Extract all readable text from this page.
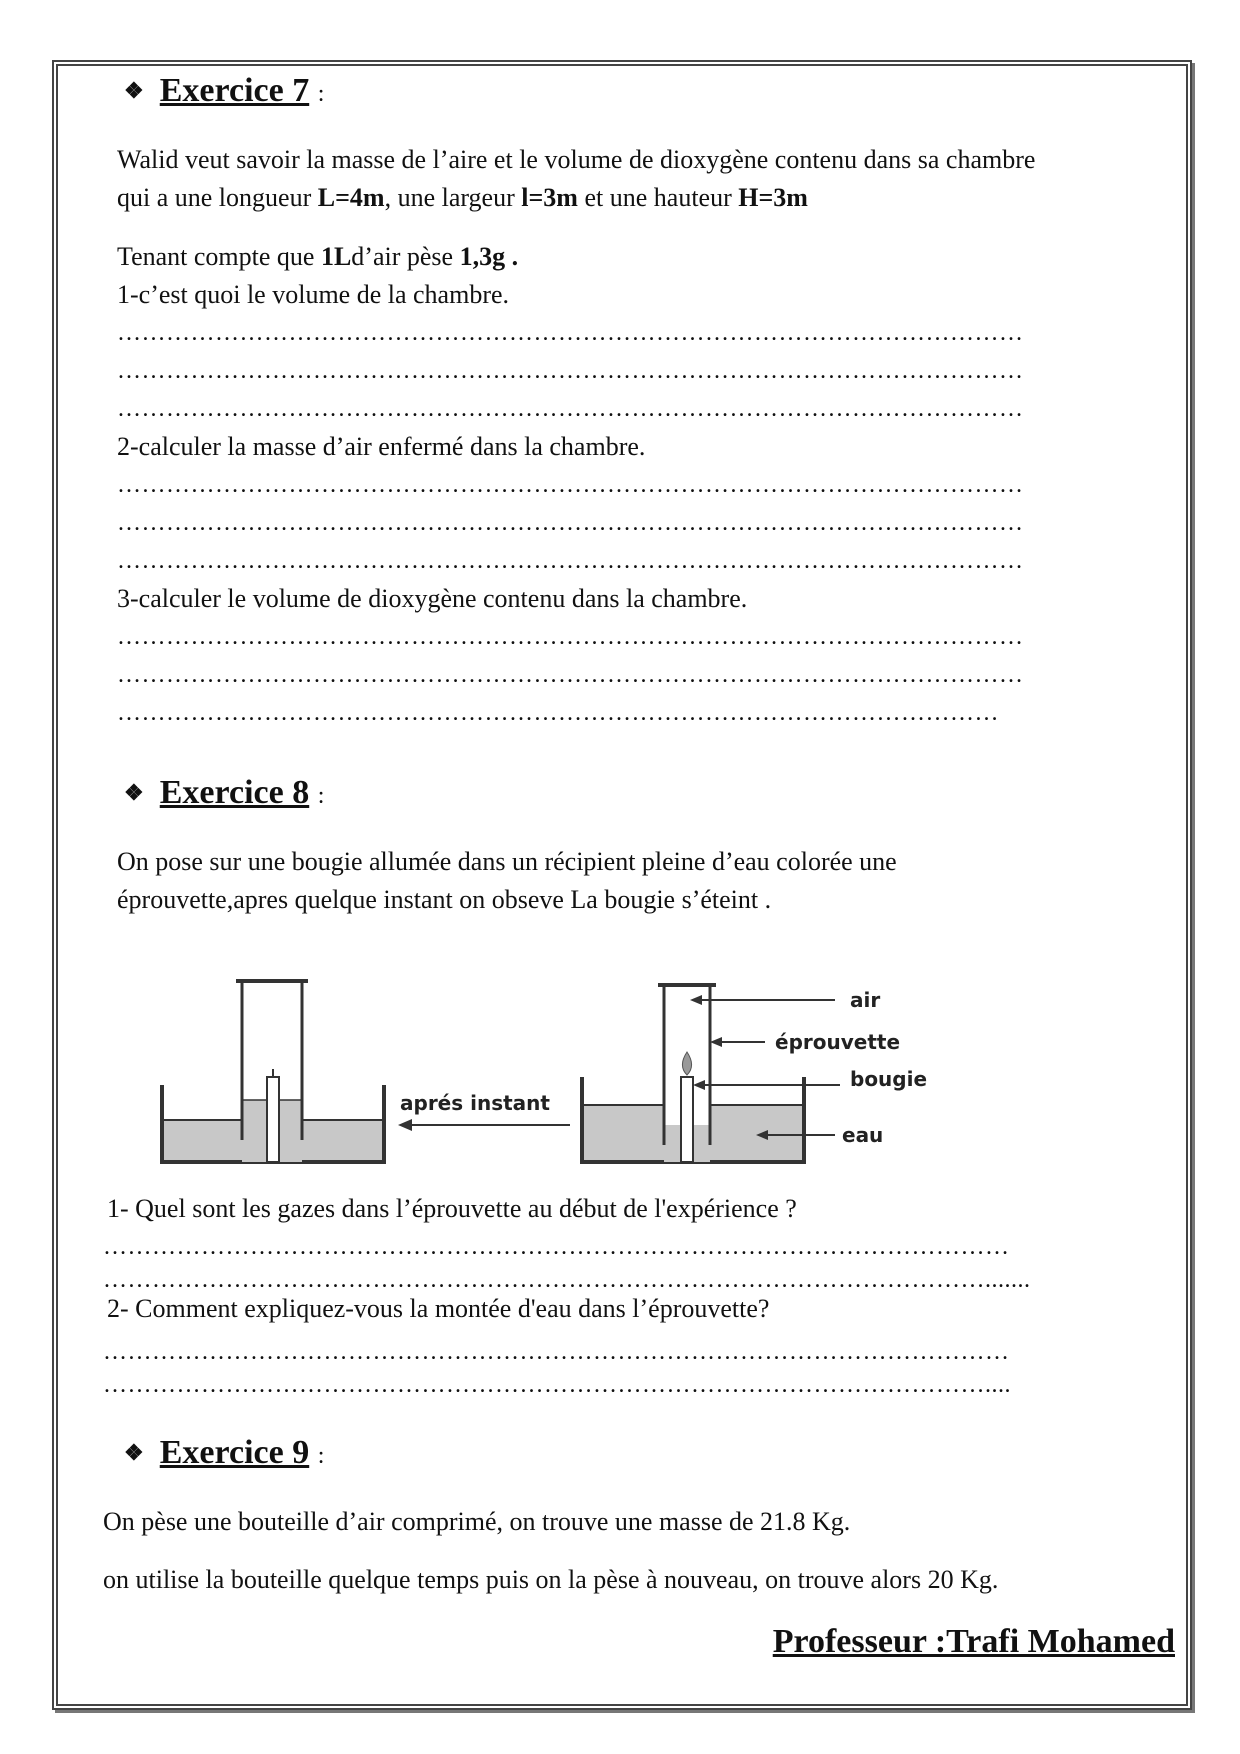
❖ Exercice 7 :
Walid veut savoir la masse de l’aire et le volume de dioxygène contenu dans sa chambre
qui a une longueur L=4m, une largeur l=3m et une hauteur H=3m
Tenant compte que 1Ld’air pèse 1,3g .
1-c’est quoi le volume de la chambre.
…………………………………………………………………………………………………
…………………………………………………………………………………………………
…………………………………………………………………………………………………
2-calculer la masse d’air enfermé dans la chambre.
…………………………………………………………………………………………………
…………………………………………………………………………………………………
…………………………………………………………………………………………………
3-calculer le volume de dioxygène contenu dans la chambre.
…………………………………………………………………………………………………
…………………………………………………………………………………………………
………………………………………………………………………………………………
❖ Exercice 8 :
On pose sur une bougie allumée dans un récipient pleine d’eau colorée une
éprouvette,apres quelque instant on obseve La bougie s’éteint .
aprés instant
air
éprouvette
bougie
eau
1- Quel sont les gazes dans l’éprouvette au début de l'expérience ?
…………………………………………………………………………………………………
……………………………………………………………………………………………….......
2- Comment expliquez-vous la montée d'eau dans l’éprouvette?
…………………………………………………………………………………………………
………………………………………………………………………………………………....
❖ Exercice 9 :
On pèse une bouteille d’air comprimé, on trouve une masse de 21.8 Kg.
on utilise la bouteille quelque temps puis on la pèse à nouveau, on trouve alors 20 Kg.
Professeur :Trafi Mohamed
